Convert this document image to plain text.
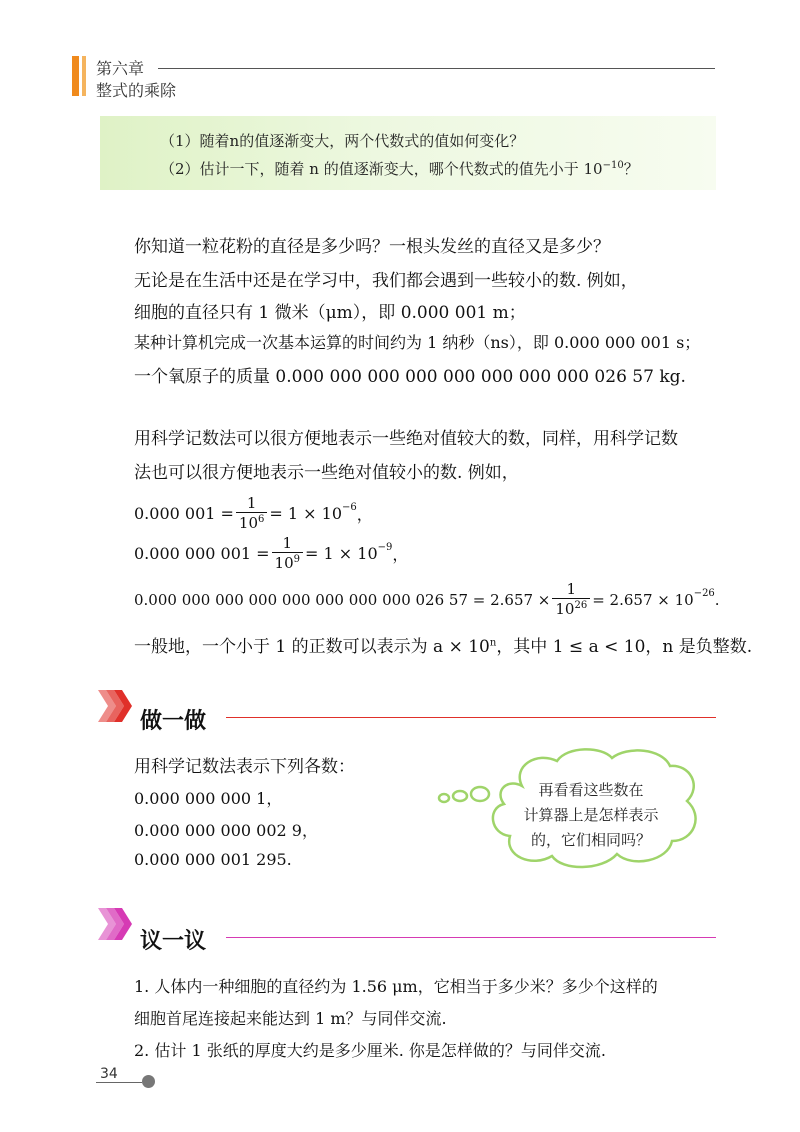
第六章
整式的乘除
（1）随着n的值逐渐变大，两个代数式的值如何变化？
（2）估计一下，随着 n 的值逐渐变大，哪个代数式的值先小于 $10^{-10}$？
你知道一粒花粉的直径是多少吗？一根头发丝的直径又是多少？
无论是在生活中还是在学习中，我们都会遇到一些较小的数. 例如，
细胞的直径只有 1 微米（μm），即 0.000 001 m；
某种计算机完成一次基本运算的时间约为 1 纳秒（ns），即 0.000 000 001 s；
一个氧原子的质量 0.000 000 000 000 000 000 000 000 026 57 kg.
用科学记数法可以很方便地表示一些绝对值较大的数，同样，用科学记数
法也可以很方便地表示一些绝对值较小的数. 例如，
0.000 $001 = \frac{1}{10^6} = 1 \times 10^{-6}$ ，
0.000 000 $001 = \frac{1}{10^9} = 1 \times 10^{-9}$ ，
0.000 000 000 000 000 000 000 000 026 $57 = 2.657 \times \frac{1}{10^{26}} = 2.657 \times 10^{-26}$ .
一般地，一个小于 1 的正数可以表示为 $a \times 10^n$，其中 1 ≤ a < 10，n 是负整数.
做一做
用科学记数法表示下列各数：
0.000 000 000 1，
0.000 000 000 002 9，
0.000 000 001 295.
再看看这些数在
计算器上是怎样表示
的，它们相同吗？
议一议
1. 人体内一种细胞的直径约为 1.56 μm，它相当于多少米？多少个这样的
细胞首尾连接起来能达到 1 m？与同伴交流.
2. 估计 1 张纸的厚度大约是多少厘米. 你是怎样做的？与同伴交流.
34
